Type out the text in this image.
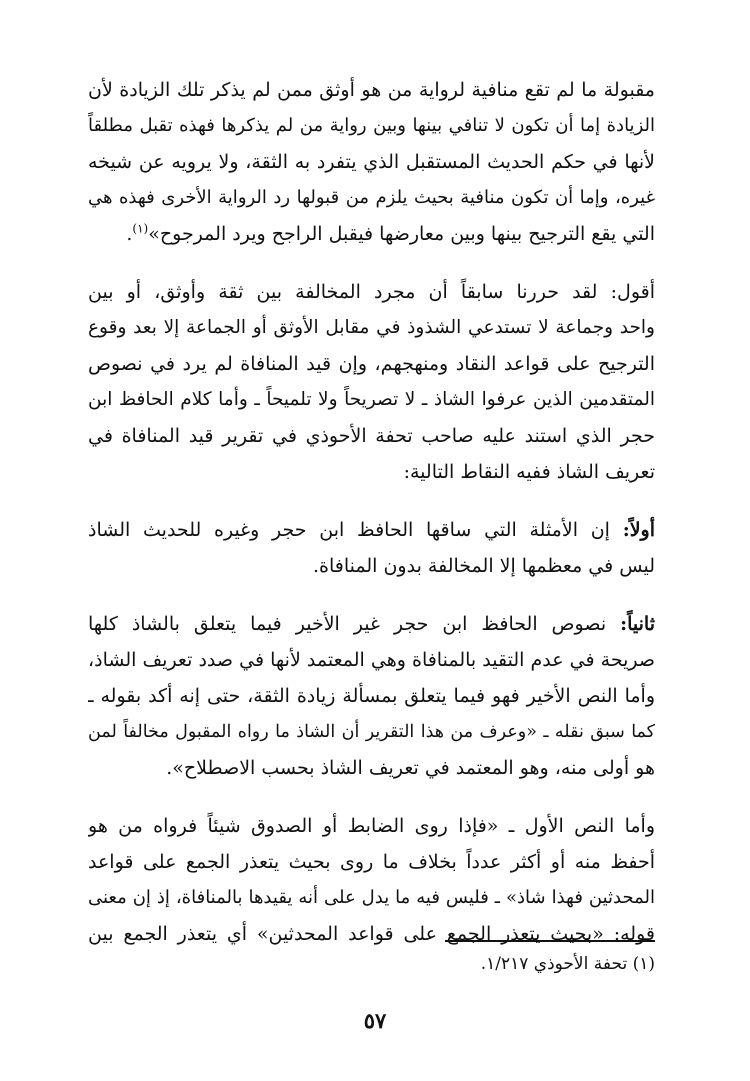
مقبولة ما لم تقع منافية لرواية من هو أوثق ممن لم يذكر تلك الزيادة لأن
الزيادة إما أن تكون لا تنافي بينها وبين رواية من لم يذكرها فهذه تقبل مطلقاً
لأنها في حكم الحديث المستقبل الذي يتفرد به الثقة، ولا يرويه عن شيخه
غيره، وإما أن تكون منافية بحيث يلزم من قبولها رد الرواية الأخرى فهذه هي
التي يقع الترجيح بينها وبين معارضها فيقبل الراجح ويرد المرجوح»$^{(١)}$.

أقول: لقد حررنا سابقاً أن مجرد المخالفة بين ثقة وأوثق، أو بين
واحد وجماعة لا تستدعي الشذوذ في مقابل الأوثق أو الجماعة إلا بعد وقوع
الترجيح على قواعد النقاد ومنهجهم، وإن قيد المنافاة لم يرد في نصوص
المتقدمين الذين عرفوا الشاذ ـ لا تصريحاً ولا تلميحاً ـ وأما كلام الحافظ ابن
حجر الذي استند عليه صاحب تحفة الأحوذي في تقرير قيد المنافاة في
تعريف الشاذ ففيه النقاط التالية:

أولاً: إن الأمثلة التي ساقها الحافظ ابن حجر وغيره للحديث الشاذ
ليس في معظمها إلا المخالفة بدون المنافاة.

ثانياً: نصوص الحافظ ابن حجر غير الأخير فيما يتعلق بالشاذ كلها
صريحة في عدم التقيد بالمنافاة وهي المعتمد لأنها في صدد تعريف الشاذ،
وأما النص الأخير فهو فيما يتعلق بمسألة زيادة الثقة، حتى إنه أكد بقوله ـ
كما سبق نقله ـ «وعرف من هذا التقرير أن الشاذ ما رواه المقبول مخالفاً لمن
هو أولى منه، وهو المعتمد في تعريف الشاذ بحسب الاصطلاح».

وأما النص الأول ـ «فإذا روى الضابط أو الصدوق شيئاً فرواه من هو
أحفظ منه أو أكثر عدداً بخلاف ما روى بحيث يتعذر الجمع على قواعد
المحدثين فهذا شاذ» ـ فليس فيه ما يدل على أنه يقيدها بالمنافاة، إذ إن معنى
قوله: «بحيث يتعذر الجمع على قواعد المحدثين» أي يتعذر الجمع بين

(١) تحفة الأحوذي ١/٢١٧.
٥٧
